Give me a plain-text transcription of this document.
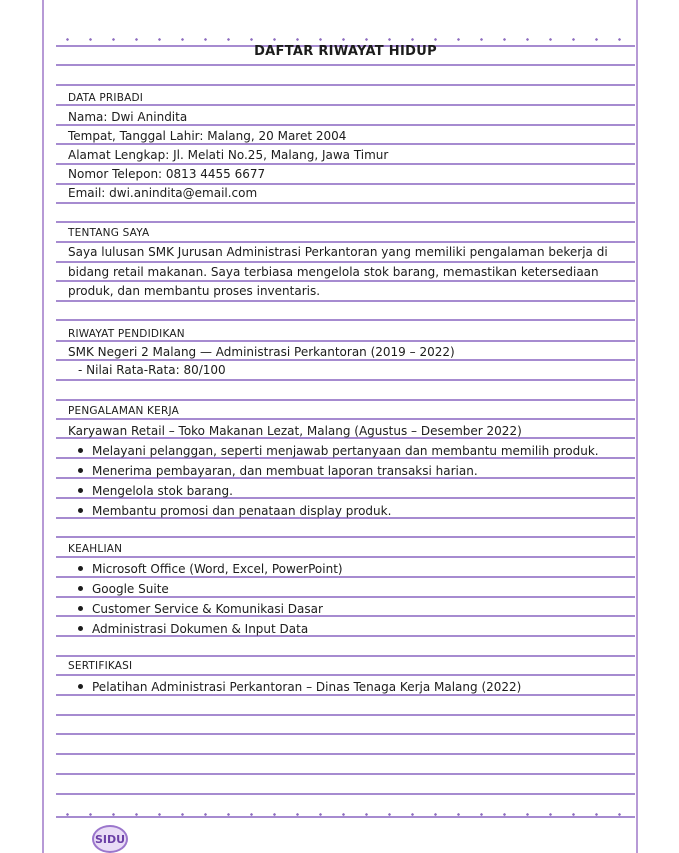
DAFTAR RIWAYAT HIDUP
DATA PRIBADI
Nama: Dwi Anindita
Tempat, Tanggal Lahir: Malang, 20 Maret 2004
Alamat Lengkap: Jl. Melati No.25, Malang, Jawa Timur
Nomor Telepon: 0813 4455 6677
Email: dwi.anindita@email.com
TENTANG SAYA
Saya lulusan SMK Jurusan Administrasi Perkantoran yang memiliki pengalaman bekerja di bidang retail makanan. Saya terbiasa mengelola stok barang, memastikan ketersediaan produk, dan membantu proses inventaris.
RIWAYAT PENDIDIKAN
SMK Negeri 2 Malang — Administrasi Perkantoran (2019 – 2022)
- Nilai Rata-Rata: 80/100
PENGALAMAN KERJA
Karyawan Retail – Toko Makanan Lezat, Malang (Agustus – Desember 2022)
Melayani pelanggan, seperti menjawab pertanyaan dan membantu memilih produk.
Menerima pembayaran, dan membuat laporan transaksi harian.
Mengelola stok barang.
Membantu promosi dan penataan display produk.
KEAHLIAN
Microsoft Office (Word, Excel, PowerPoint)
Google Suite
Customer Service & Komunikasi Dasar
Administrasi Dokumen & Input Data
SERTIFIKASI
Pelatihan Administrasi Perkantoran – Dinas Tenaga Kerja Malang (2022)
SIDU
